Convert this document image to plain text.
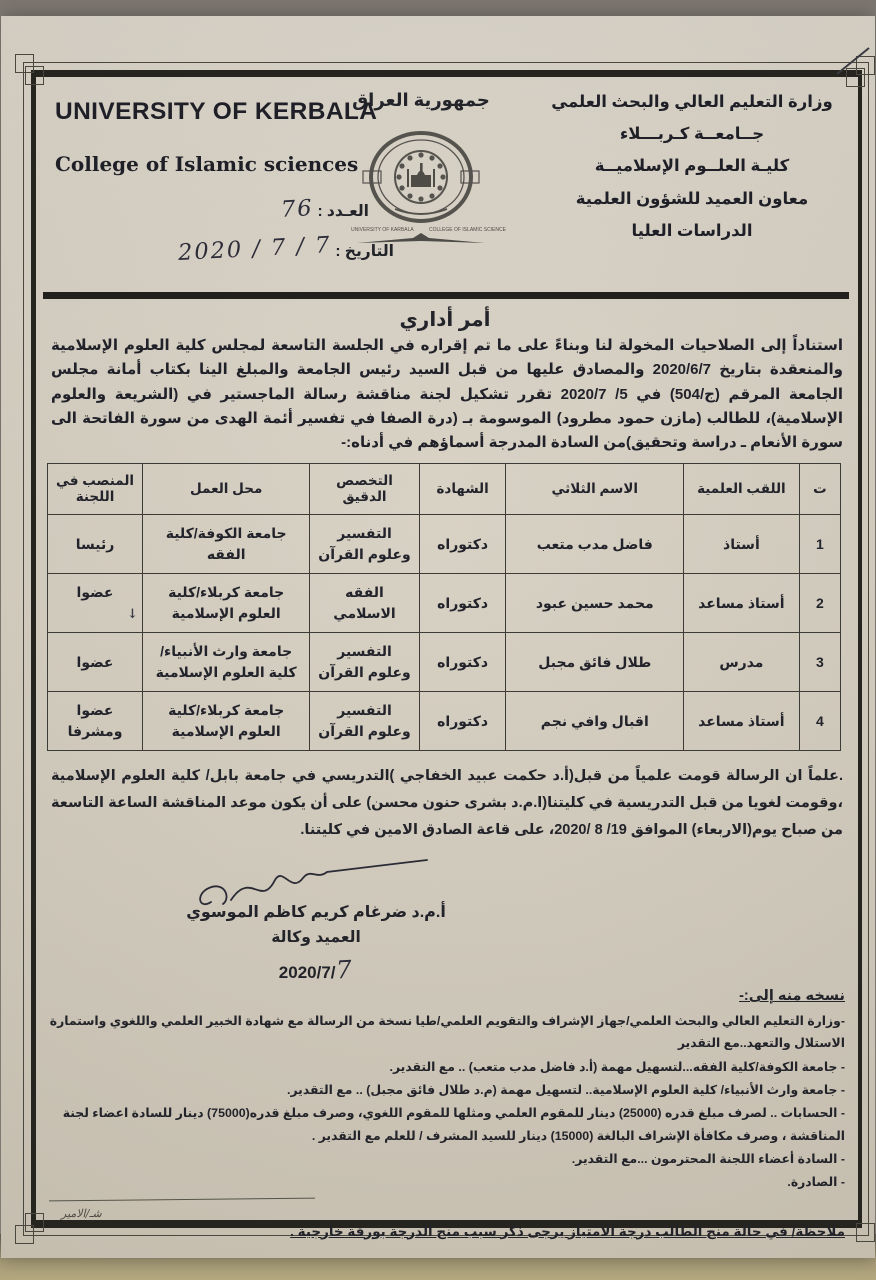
وزارة التعليم العالي والبحث العلمي
جــامعــة كـربـــلاء
كليـة العلــوم الإسلاميــة
معاون العميد للشؤون العلمية
الدراسات العليا
جمهورية العراق
UNIVERSITY OF KARBALA	COLLEGE OF ISLAMIC SCIENCE
UNIVERSITY OF KERBALA
College of Islamic sciences
العـدد : 76
التاريخ : 2020 / 7 / 7
أمر أداري
استناداً إلى الصلاحيات المخولة لنا وبناءً على ما تم إقراره في الجلسة التاسعة لمجلس كلية العلوم الإسلامية والمنعقدة بتاريخ 2020/6/7 والمصادق عليها من قبل السيد رئيس الجامعة والمبلغ الينا بكتاب أمانة مجلس الجامعة المرقم (ج/504) في 5/ 2020/7 تقرر تشكيل لجنة مناقشة رسالة الماجستير في (الشريعة والعلوم الإسلامية)، للطالب (مازن حمود مطرود) الموسومة بـ (درة الصفا في تفسير أئمة الهدى من سورة الفاتحة الى سورة الأنعام ـ دراسة وتحقيق)من السادة المدرجة أسماؤهم في أدناه:-
ت	اللقب العلمية	الاسم الثلاثي	الشهادة	التخصص الدقيق	محل العمل	المنصب في اللجنة
1	أستاذ	فاضل مدب متعب	دكتوراه	التفسير وعلوم القرآن	جامعة الكوفة/كلية الفقه	رئيسا
2	أستاذ مساعد	محمد حسين عبود	دكتوراه	الفقه الاسلامي	جامعة كربلاء/كلية العلوم الإسلامية	عضوا
↓

3	مدرس	طلال فائق مجبل	دكتوراه	التفسير وعلوم القرآن	جامعة وارث الأنبياء/ كلية العلوم الإسلامية	عضوا
4	أستاذ مساعد	اقبال وافي نجم	دكتوراه	التفسير وعلوم القرآن	جامعة كربلاء/كلية العلوم الإسلامية	عضوا ومشرفا
.علماً ان الرسالة قومت علمياً من قبل(أ.د حكمت عبيد الخفاجي )التدريسي في جامعة بابل/ كلية العلوم الإسلامية ،وقومت لغويا من قبل التدريسية في كليتنا(ا.م.د بشرى حنون محسن) على أن يكون موعد المناقشة الساعة التاسعة من صباح يوم(الاربعاء) الموافق 19/ 8 /2020، على قاعة الصادق الامين في كليتنا.
أ.م.د ضرغام كريم كاظم الموسوي
العميد وكالة
2020/7/7
نسخه منه إلى:-
-وزارة التعليم العالي والبحث العلمي/جهاز الإشراف والتقويم العلمي/طيا نسخة من الرسالة مع شهادة الخبير العلمي واللغوي واستمارة الاستلال والتعهد..مع التقدير
- جامعة الكوفة/كلية الفقه...لتسهيل مهمة (أ.د فاضل مدب متعب) .. مع التقدير.
- جامعة وارث الأنبياء/ كلية العلوم الإسلامية.. لتسهيل مهمة (م.د طلال فائق مجبل) .. مع التقدير.
- الحسابات .. لصرف مبلغ قدره (25000) دينار للمقوم العلمي ومثلها للمقوم اللغوي، وصرف مبلغ قدره(75000) دينار للسادة اعضاء لجنة المناقشة ، وصرف مكافأة الإشراف البالغة (15000) دينار للسيد المشرف / للعلم مع التقدير .
- السادة أعضاء اللجنة المحترمون ...مع التقدير.
- الصادرة.
ملاحظة/ في حالة منح الطالب درجة الامتياز يرجى ذكر سبب منح الدرجة بورقة خارجية .
شـ/الامير
